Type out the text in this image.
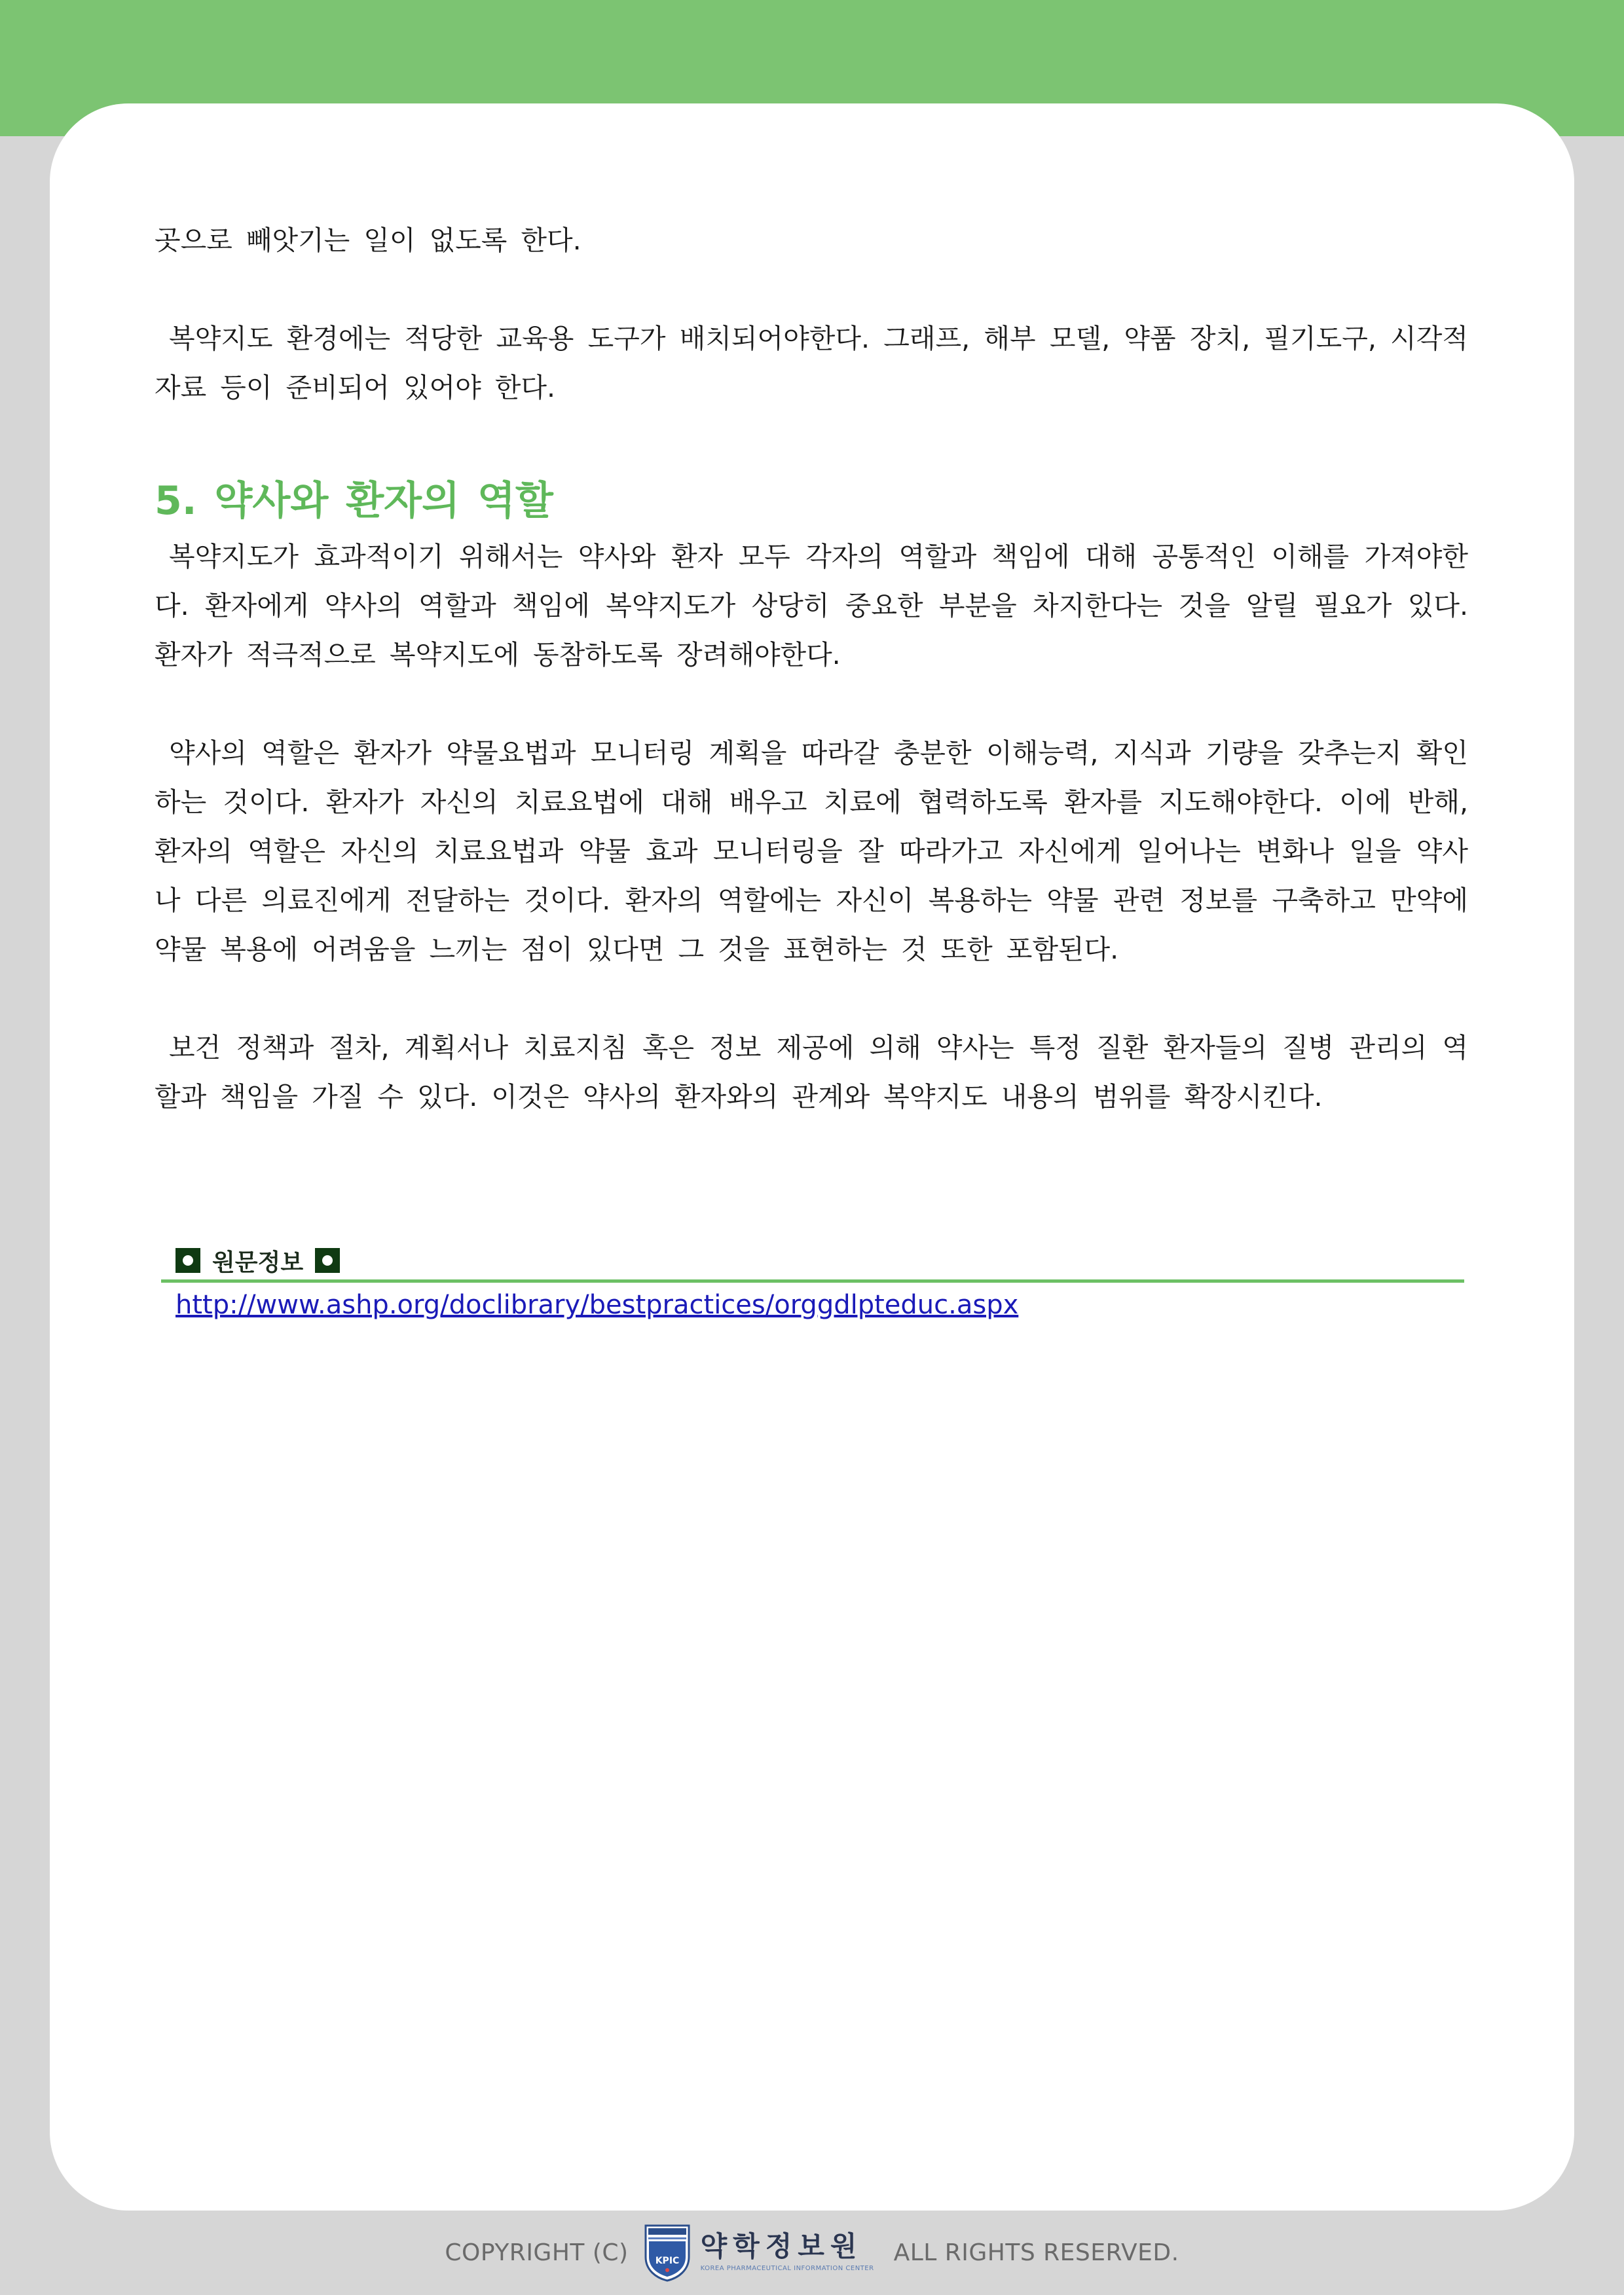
곳으로 빼앗기는 일이 없도록 한다.

복약지도 환경에는 적당한 교육용 도구가 배치되어야한다. 그래프, 해부 모델, 약품 장치, 필기도구, 시각적 자료 등이 준비되어 있어야 한다.

5. 약사와 환자의 역할

복약지도가 효과적이기 위해서는 약사와 환자 모두 각자의 역할과 책임에 대해 공통적인 이해를 가져야한다. 환자에게 약사의 역할과 책임에 복약지도가 상당히 중요한 부분을 차지한다는 것을 알릴 필요가 있다. 환자가 적극적으로 복약지도에 동참하도록 장려해야한다.

약사의 역할은 환자가 약물요법과 모니터링 계획을 따라갈 충분한 이해능력, 지식과 기량을 갖추는지 확인하는 것이다. 환자가 자신의 치료요법에 대해 배우고 치료에 협력하도록 환자를 지도해야한다. 이에 반해, 환자의 역할은 자신의 치료요법과 약물 효과 모니터링을 잘 따라가고 자신에게 일어나는 변화나 일을 약사나 다른 의료진에게 전달하는 것이다. 환자의 역할에는 자신이 복용하는 약물 관련 정보를 구축하고 만약에 약물 복용에 어려움을 느끼는 점이 있다면 그 것을 표현하는 것 또한 포함된다.

보건 정책과 절차, 계획서나 치료지침 혹은 정보 제공에 의해 약사는 특정 질환 환자들의 질병 관리의 역할과 책임을 가질 수 있다. 이것은 약사의 환자와의 관계와 복약지도 내용의 범위를 확장시킨다.

원문정보
http://www.ashp.org/doclibrary/bestpractices/orggdlpteduc.aspx
COPYRIGHT (C)	KPIC 약학정보원
KOREA PHARMACEUTICAL INFORMATION CENTER
ALL RIGHTS RESERVED.
